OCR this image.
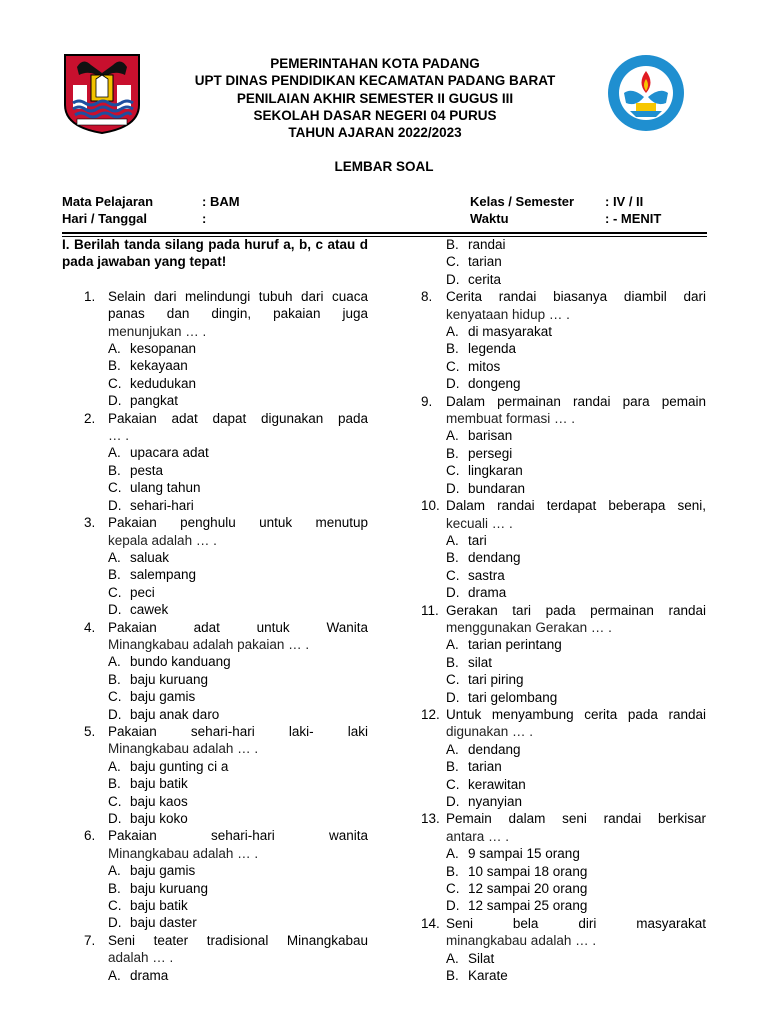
PEMERINTAHAN KOTA PADANG
UPT DINAS PENDIDIKAN KECAMATAN PADANG BARAT
PENILAIAN AKHIR SEMESTER II GUGUS III
SEKOLAH DASAR NEGERI 04 PURUS
TAHUN AJARAN 2022/2023
LEMBAR SOAL
Mata Pelajaran	: BAM
Hari / Tanggal	:
Kelas / Semester : IV / II
Waktu	: - MENIT
I. Berilah tanda silang pada huruf a, b, c atau d pada jawaban yang tepat!
1. Selain dari melindungi tubuh dari cuaca
panas dan dingin, pakaian juga
menunjukan … .
A. kesopanan
B. kekayaan
C. kedudukan
D. pangkat
2. Pakaian adat dapat digunakan pada
… .
A. upacara adat
B. pesta
C. ulang tahun
D. sehari-hari
3. Pakaian penghulu untuk menutup
kepala adalah … .
A. saluak
B. salempang
C. peci
D. cawek
4. Pakaian adat untuk Wanita
Minangkabau adalah pakaian … .
A. bundo kanduang
B. baju kuruang
C. baju gamis
D. baju anak daro
5. Pakaian sehari-hari laki- laki
Minangkabau adalah … .
A. baju gunting ci a
B. baju batik
C. baju kaos
D. baju koko
6. Pakaian sehari-hari wanita
Minangkabau adalah … .
A. baju gamis
B. baju kuruang
C. baju batik
D. baju daster
7. Seni teater tradisional Minangkabau
adalah … .
A. drama
B. randai
C. tarian
D. cerita
8. Cerita randai biasanya diambil dari
kenyataan hidup … .
A. di masyarakat
B. legenda
C. mitos
D. dongeng
9. Dalam permainan randai para pemain
membuat formasi … .
A. barisan
B. persegi
C. lingkaran
D. bundaran
10. Dalam randai terdapat beberapa seni,
kecuali … .
A. tari
B. dendang
C. sastra
D. drama
11. Gerakan tari pada permainan randai
menggunakan Gerakan … .
A. tarian perintang
B. silat
C. tari piring
D. tari gelombang
12. Untuk menyambung cerita pada randai
digunakan … .
A. dendang
B. tarian
C. kerawitan
D. nyanyian
13. Pemain dalam seni randai berkisar
antara … .
A. 9 sampai 15 orang
B. 10 sampai 18 orang
C. 12 sampai 20 orang
D. 12 sampai 25 orang
14. Seni bela diri masyarakat
minangkabau adalah … .
A. Silat
B. Karate
